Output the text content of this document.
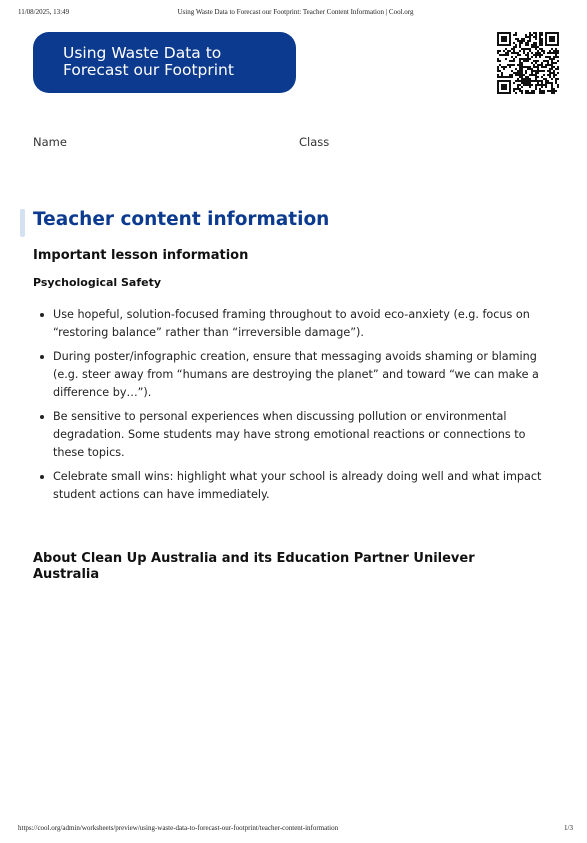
11/08/2025, 13:49	Using Waste Data to Forecast our Footprint: Teacher Content Information | Cool.org
Using Waste Data to
Forecast our Footprint
Name	Class
Teacher content information
Important lesson information
Psychological Safety
Use hopeful, solution-focused framing throughout to avoid eco-anxiety (e.g. focus on “restoring balance” rather than “irreversible damage”).
During poster/infographic creation, ensure that messaging avoids shaming or blaming (e.g. steer away from “humans are destroying the planet” and toward “we can make a difference by…”).
Be sensitive to personal experiences when discussing pollution or environmental degradation. Some students may have strong emotional reactions or connections to these topics.
Celebrate small wins: highlight what your school is already doing well and what impact student actions can have immediately.
About Clean Up Australia and its Education Partner Unilever Australia
https://cool.org/admin/worksheets/preview/using-waste-data-to-forecast-our-footprint/teacher-content-information	1/3
